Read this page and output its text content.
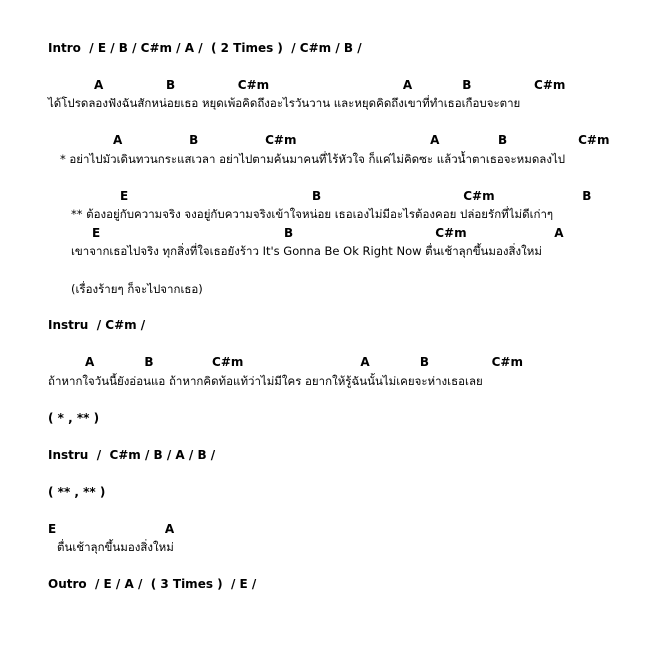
Intro  / E / B / C#m / A /  ( 2 Times )  / C#m / B /
A               B               C#m                                A            B               C#m
ได้โปรดลองฟังฉันสักหน่อยเธอ หยุดเพ้อคิดถึงอะไรวันวาน และหยุดคิดถึงเขาที่ทำเธอเกือบจะตาย
A                B                C#m                                A              B                 C#m
* อย่าไปมัวเดินทวนกระแสเวลา อย่าไปตามค้นมาคนที่ไร้หัวใจ ก็แค่ไม่คิดซะ แล้วน้ำตาเธอจะหมดลงไป
E                                            B                                  C#m                     B
** ต้องอยู่กับความจริง จงอยู่กับความจริงเข้าใจหน่อย เธอเองไม่มีอะไรต้องคอย ปล่อยรักที่ไม่ดีเก่าๆ
E                                            B                                  C#m                     A
เขาจากเธอไปจริง ทุกสิ่งที่ใจเธอยังร้าว It's Gonna Be Ok Right Now ตื่นเช้าลุกขึ้นมองสิ่งใหม่
(เรื่องร้ายๆ ก็จะไปจากเธอ)
Instru  / C#m /
A            B              C#m                            A            B               C#m
ถ้าหากใจวันนี้ยังอ่อนแอ ถ้าหากคิดท้อแท้ว่าไม่มีใคร อยากให้รู้ฉันนั้นไม่เคยจะห่างเธอเลย
( * , ** )
Instru  /  C#m / B / A / B /
( ** , ** )
E                          A
ตื่นเช้าลุกขึ้นมองสิ่งใหม่
Outro  / E / A /  ( 3 Times )  / E /
